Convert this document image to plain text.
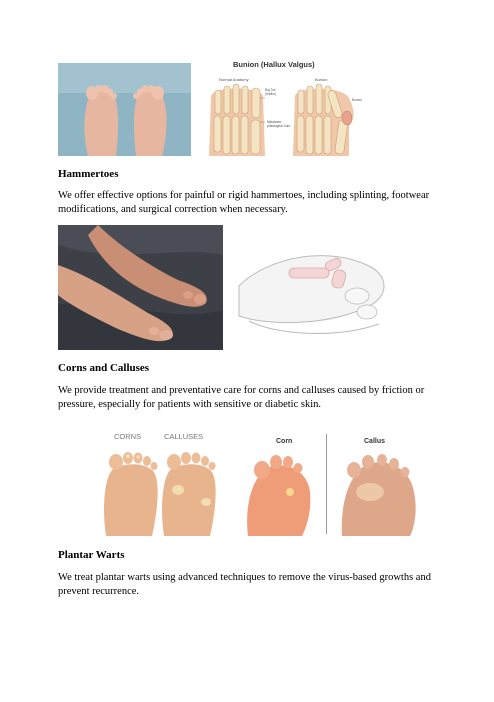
Bunion (Hallux Valgus)
Normal Anatomy	Bunion
Big Toe (Hallux)
Metatarso-phalangeal Joint
Bunion
Hammertoes
We offer effective options for painful or rigid hammertoes, including splinting, footwear modifications, and surgical correction when necessary.
Corns and Calluses
We provide treatment and preventative care for corns and calluses caused by friction or pressure, especially for patients with sensitive or diabetic skin.
CORNS	CALLUSES
Corn	Callus
Plantar Warts
We treat plantar warts using advanced techniques to remove the virus-based growths and prevent recurrence.
